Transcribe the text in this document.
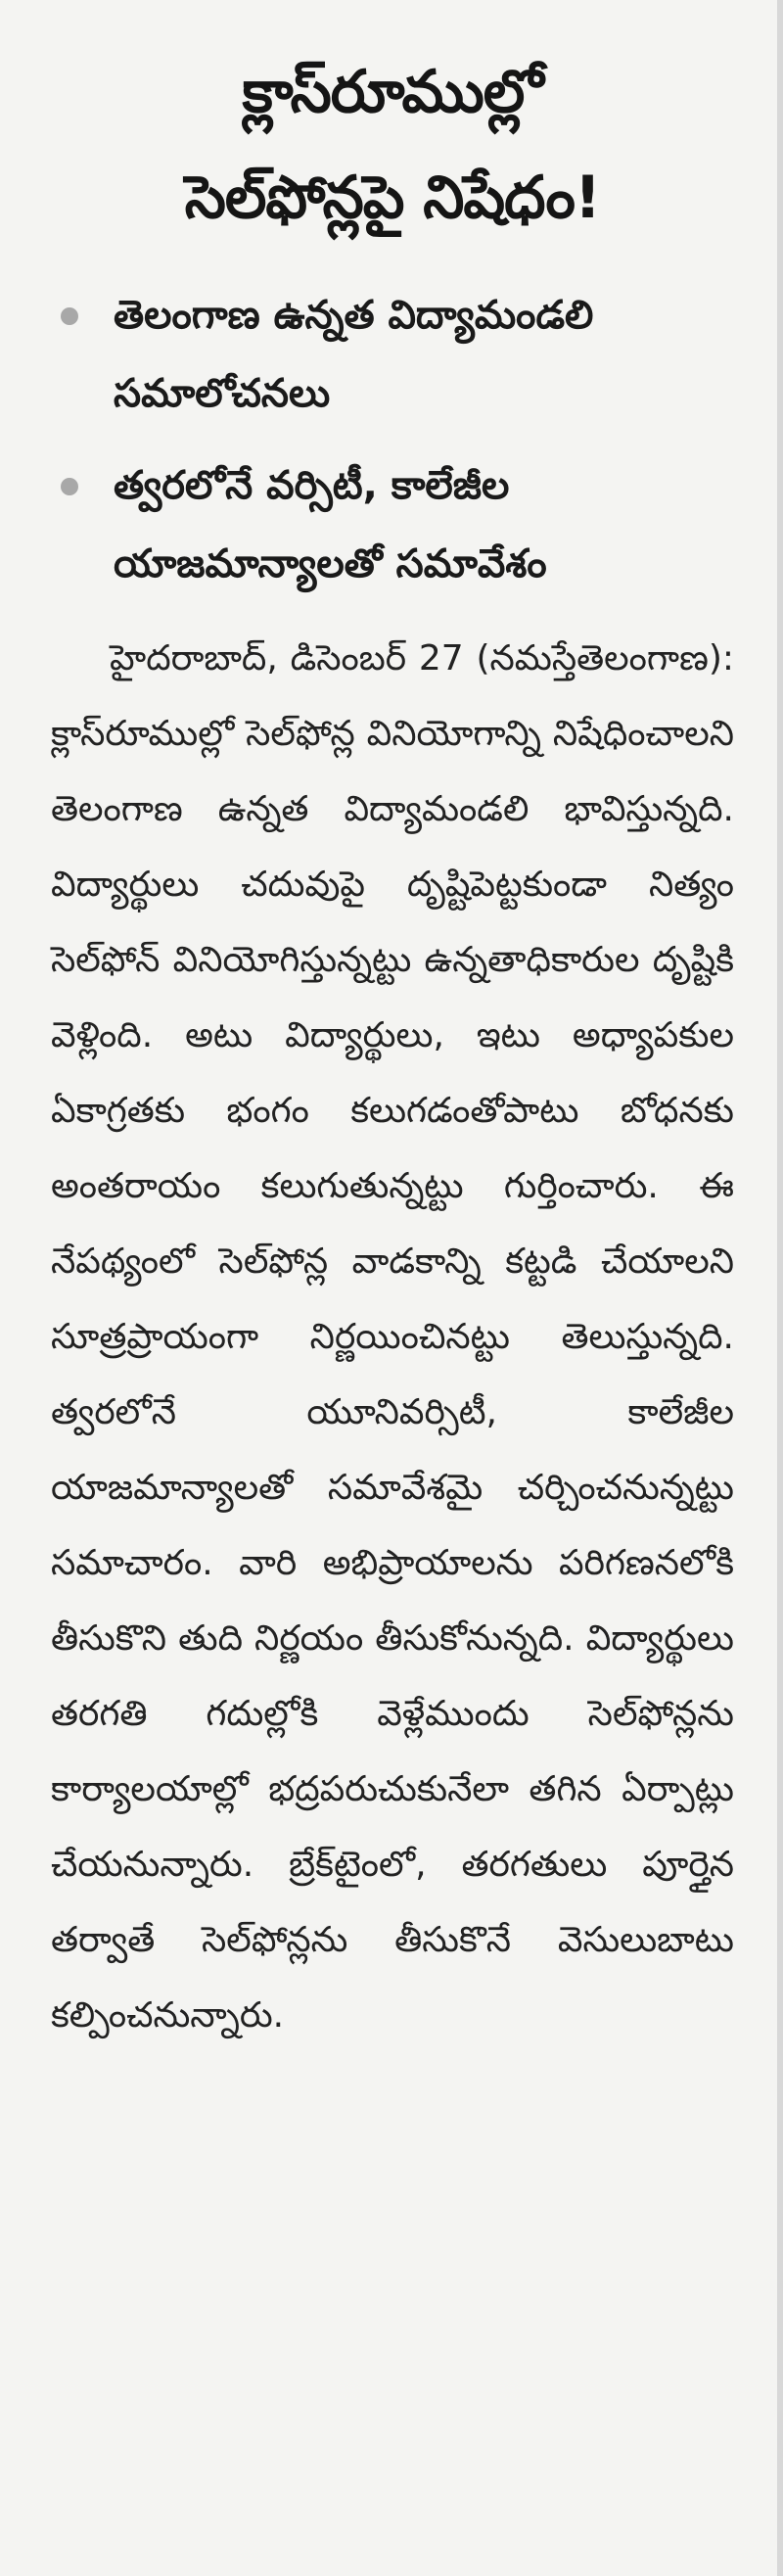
క్లాస్‌రూముల్లో
సెల్‌ఫోన్లపై నిషేధం!
తెలంగాణ ఉన్నత విద్యామండలి సమాలోచనలు
త్వరలోనే వర్సిటీ, కాలేజీల యాజమాన్యాలతో సమావేశం

హైదరాబాద్, డిసెంబర్ 27 (నమస్తేతెలంగాణ): క్లాస్‌రూముల్లో సెల్‌ఫోన్ల వినియోగాన్ని నిషేధించాలని తెలంగాణ ఉన్నత విద్యామండలి భావిస్తున్నది. విద్యార్థులు చదువుపై దృష్టిపెట్టకుండా నిత్యం సెల్‌ఫోన్ వినియోగిస్తున్నట్టు ఉన్నతాధికారుల దృష్టికి వెళ్లింది. అటు విద్యార్థులు, ఇటు అధ్యాపకుల ఏకాగ్రతకు భంగం కలుగడంతోపాటు బోధనకు అంతరాయం కలుగుతున్నట్టు గుర్తించారు. ఈ నేపథ్యంలో సెల్‌ఫోన్ల వాడకాన్ని కట్టడి చేయాలని సూత్రప్రాయంగా నిర్ణయించినట్టు తెలుస్తున్నది. త్వరలోనే యూనివర్సిటీ, కాలేజీల యాజమాన్యాలతో సమావేశమై చర్చించనున్నట్టు సమాచారం. వారి అభిప్రాయాలను పరిగణనలోకి తీసుకొని తుది నిర్ణయం తీసుకోనున్నది. విద్యార్థులు తరగతి గదుల్లోకి వెళ్లేముందు సెల్‌ఫోన్లను కార్యాలయాల్లో భద్రపరుచుకునేలా తగిన ఏర్పాట్లు చేయనున్నారు. బ్రేక్‌టైంలో, తరగతులు పూర్తైన తర్వాతే సెల్‌ఫోన్లను తీసుకొనే వెసులుబాటు కల్పించనున్నారు.
